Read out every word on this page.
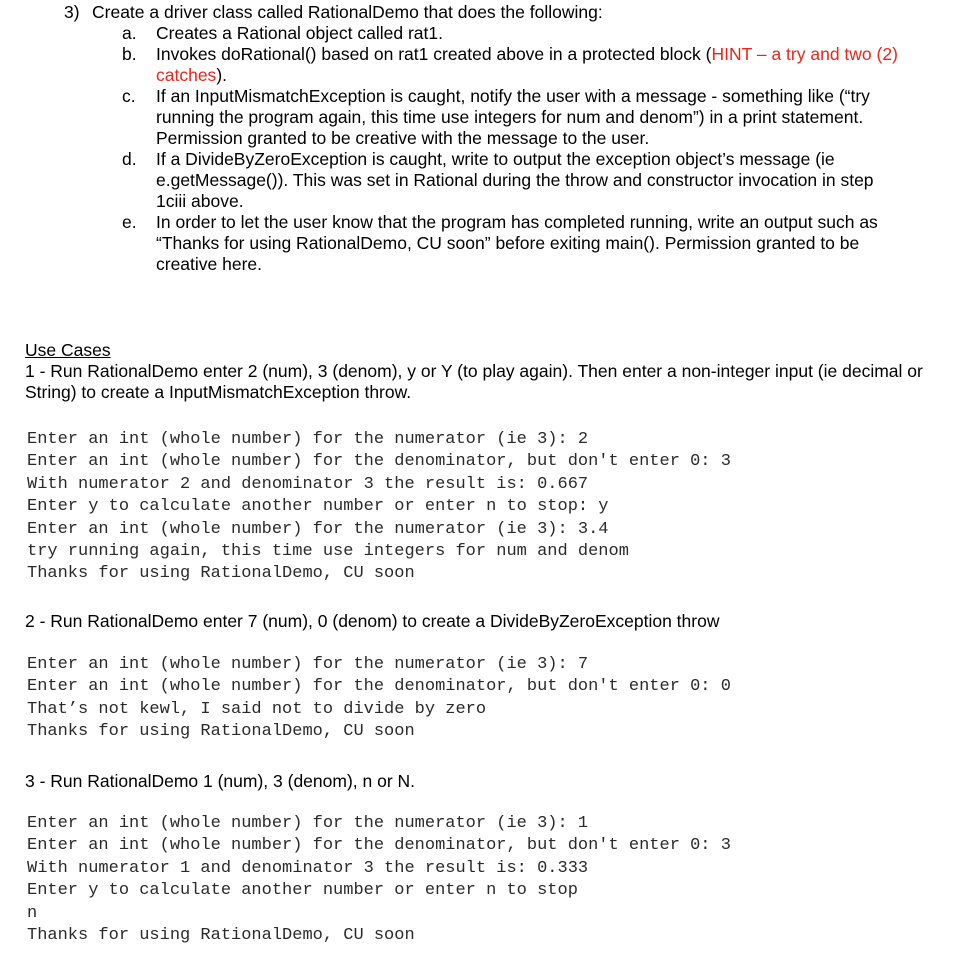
3) Create a driver class called RationalDemo that does the following:
a. Creates a Rational object called rat1.
b. Invokes doRational() based on rat1 created above in a protected block (HINT – a try and two (2) catches).
c. If an InputMismatchException is caught, notify the user with a message - something like (“try running the program again, this time use integers for num and denom”) in a print statement. Permission granted to be creative with the message to the user.
d. If a DivideByZeroException is caught, write to output the exception object’s message (ie e.getMessage()). This was set in Rational during the throw and constructor invocation in step 1ciii above.
e. In order to let the user know that the program has completed running, write an output such as “Thanks for using RationalDemo, CU soon” before exiting main(). Permission granted to be creative here.
Use Cases
1 - Run RationalDemo enter 2 (num), 3 (denom), y or Y (to play again). Then enter a non-integer input (ie decimal or String) to create a InputMismatchException throw.
Enter an int (whole number) for the numerator (ie 3): 2
Enter an int (whole number) for the denominator, but don't enter 0: 3
With numerator 2 and denominator 3 the result is: 0.667
Enter y to calculate another number or enter n to stop: y
Enter an int (whole number) for the numerator (ie 3): 3.4
try running again, this time use integers for num and denom
Thanks for using RationalDemo, CU soon
2 - Run RationalDemo enter 7 (num), 0 (denom) to create a DivideByZeroException throw
Enter an int (whole number) for the numerator (ie 3): 7
Enter an int (whole number) for the denominator, but don't enter 0: 0
That’s not kewl, I said not to divide by zero
Thanks for using RationalDemo, CU soon
3 - Run RationalDemo 1 (num), 3 (denom), n or N.
Enter an int (whole number) for the numerator (ie 3): 1
Enter an int (whole number) for the denominator, but don't enter 0: 3
With numerator 1 and denominator 3 the result is: 0.333
Enter y to calculate another number or enter n to stop
n
Thanks for using RationalDemo, CU soon
